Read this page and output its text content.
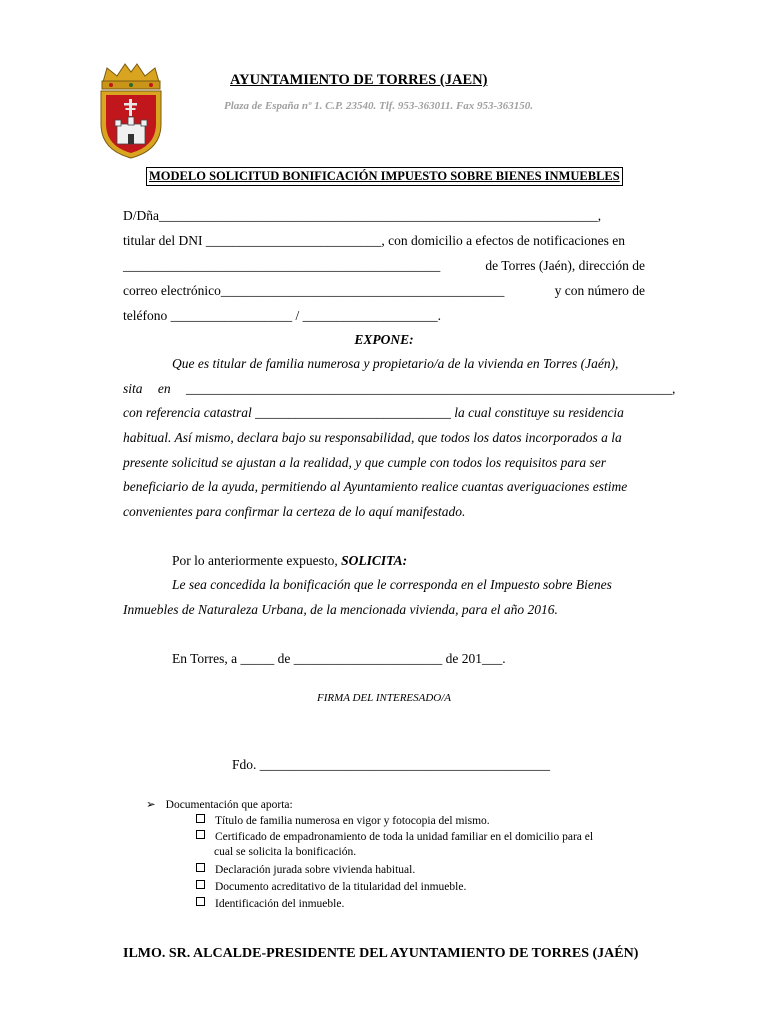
AYUNTAMIENTO DE TORRES (JAEN)
Plaza de España nº 1. C.P. 23540. Tlf. 953-363011. Fax 953-363150.
MODELO SOLICITUD BONIFICACIÓN IMPUESTO SOBRE BIENES INMUEBLES
D/Dña_________________________________________________________________,
titular del DNI __________________________, con domicilio a efectos de notificaciones en
_______________________________________________	de Torres (Jaén), dirección de
correo electrónico__________________________________________	y con número de
teléfono __________________ / ____________________.
EXPONE:
Que es titular de familia numerosa y propietario/a de la vivienda en Torres (Jaén),
sita en ________________________________________________________________________,
con referencia catastral _____________________________ la cual constituye su residencia
habitual. Así mismo, declara bajo su responsabilidad, que todos los datos incorporados a la
presente solicitud se ajustan a la realidad, y que cumple con todos los requisitos para ser
beneficiario de la ayuda, permitiendo al Ayuntamiento realice cuantas averiguaciones estime
convenientes para confirmar la certeza de lo aquí manifestado.
Por lo anteriormente expuesto, SOLICITA:
Le sea concedida la bonificación que le corresponda en el Impuesto sobre Bienes
Inmuebles de Naturaleza Urbana, de la mencionada vivienda, para el año 2016.
En Torres, a _____ de ______________________ de 201___.
FIRMA DEL INTERESADO/A
Fdo. ___________________________________________
➢ Documentación que aporta:
Título de familia numerosa en vigor y fotocopia del mismo.
Certificado de empadronamiento de toda la unidad familiar en el domicilio para el
cual se solicita la bonificación.
Declaración jurada sobre vivienda habitual.
Documento acreditativo de la titularidad del inmueble.
Identificación del inmueble.
ILMO. SR. ALCALDE-PRESIDENTE DEL AYUNTAMIENTO DE TORRES (JAÉN)
